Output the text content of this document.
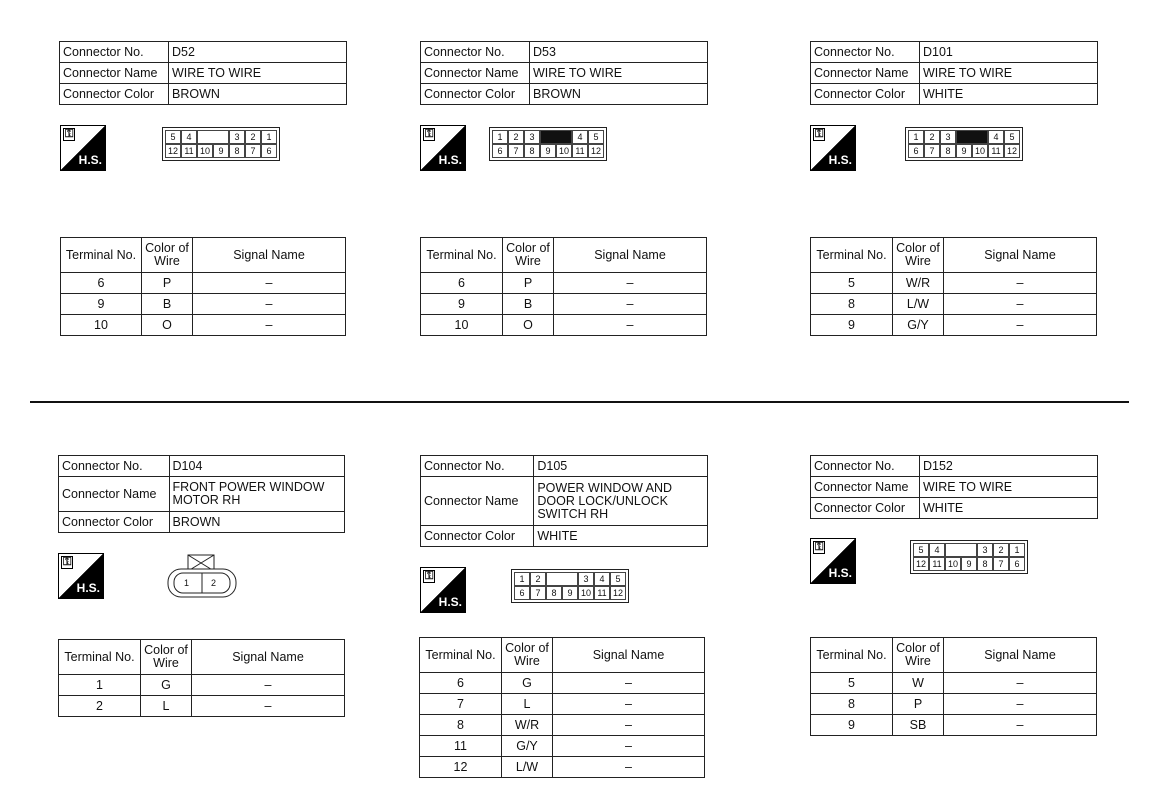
Connector No.	D52
Connector Name	WIRE TO WIRE
Connector Color	BROWN
⚿
H.S.
5	4	3	2	1
12 11 10 9	8	7	6
Terminal No.	Color of Wire	Signal Name
6	P	–
9	B	–
10	O	–
Connector No.	D53
Connector Name	WIRE TO WIRE
Connector Color	BROWN
⚿
H.S.
1	2	3	4	5
6	7	8	9 10 11 12
Terminal No.	Color of Wire	Signal Name
6	P	–
9	B	–
10	O	–
Connector No.	D101
Connector Name	WIRE TO WIRE
Connector Color	WHITE
⚿
H.S.
1	2	3	4	5
6	7	8	9 10 11 12
Terminal No.	Color of Wire	Signal Name
5	W/R	–
8	L/W	–
9	G/Y	–
Connector No.	D104
Connector Name	FRONT POWER WINDOW MOTOR RH
Connector Color	BROWN
⚿
H.S.	1 2
Terminal No.	Color of Wire	Signal Name
1	G	–
2	L	–
Connector No.	D105
Connector Name	POWER WINDOW AND DOOR LOCK/UNLOCK SWITCH RH
Connector Color	WHITE
⚿
H.S.
1	2	3	4	5
6	7	8	9 10 11 12
Terminal No.	Color of Wire	Signal Name
6	G	–
7	L	–
8	W/R	–
11	G/Y	–
12	L/W	–
Connector No.	D152
Connector Name	WIRE TO WIRE
Connector Color	WHITE
⚿
H.S.
5	4	3	2	1
12 11 10 9	8	7	6
Terminal No.	Color of Wire	Signal Name
5	W	–
8	P	–
9	SB	–
